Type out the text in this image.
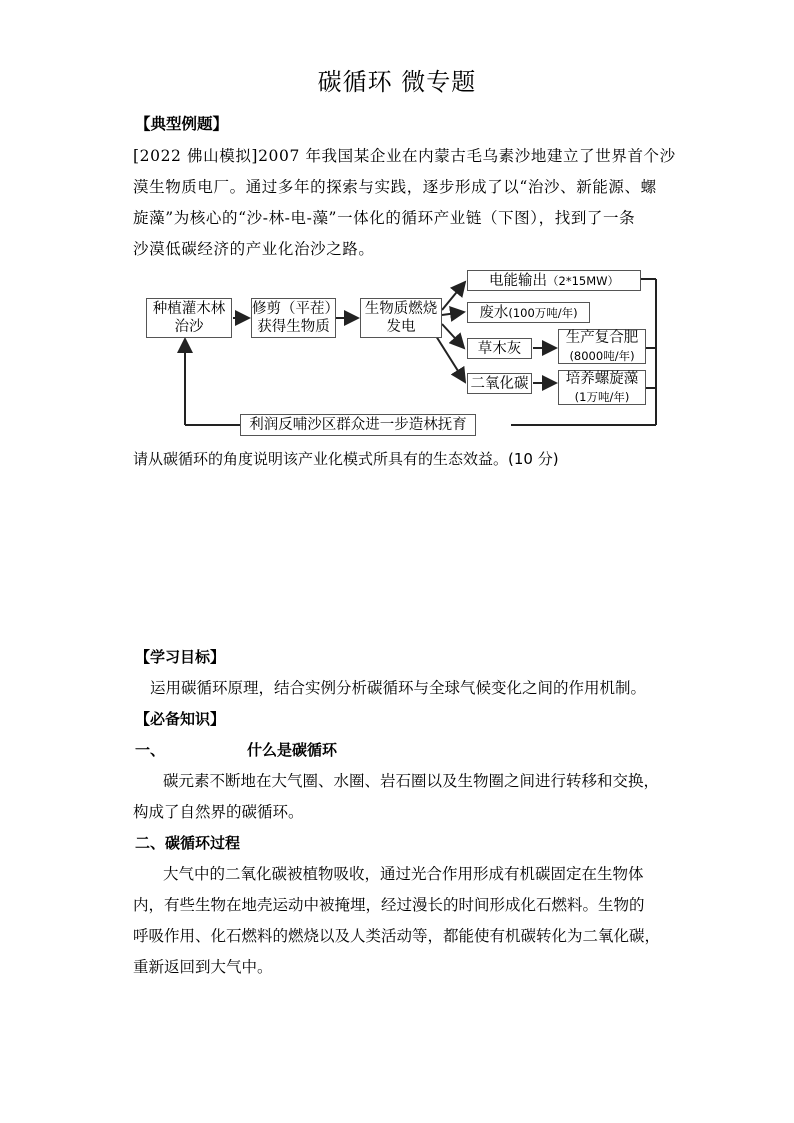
碳循环 微专题
【典型例题】
[2022 佛山模拟]2007 年我国某企业在内蒙古毛乌素沙地建立了世界首个沙
漠生物质电厂。通过多年的探索与实践，逐步形成了以“治沙、新能源、螺
旋藻”为核心的“沙-林-电-藻”一体化的循环产业链（下图），找到了一条
沙漠低碳经济的产业化治沙之路。
种植灌木林
治沙
修剪（平茬）
获得生物质
生物质燃烧
发电
电能输出 （2*15MW）
废水 (100万吨/年)
草木灰
生产复合肥
(8000吨/年)
二氧化碳	培养螺旋藻
(1万吨/年)
利润反哺沙区群众进一步造林抚育
请从碳循环的角度说明该产业化模式所具有的生态效益。(10 分)
【学习目标】
运用碳循环原理，结合实例分析碳循环与全球气候变化之间的作用机制。
【必备知识】
一、	什么是碳循环
碳元素不断地在大气圈、水圈、岩石圈以及生物圈之间进行转移和交换，
构成了自然界的碳循环。
二、碳循环过程
大气中的二氧化碳被植物吸收，通过光合作用形成有机碳固定在生物体
内，有些生物在地壳运动中被掩埋，经过漫长的时间形成化石燃料。生物的
呼吸作用、化石燃料的燃烧以及人类活动等，都能使有机碳转化为二氧化碳，
重新返回到大气中。
